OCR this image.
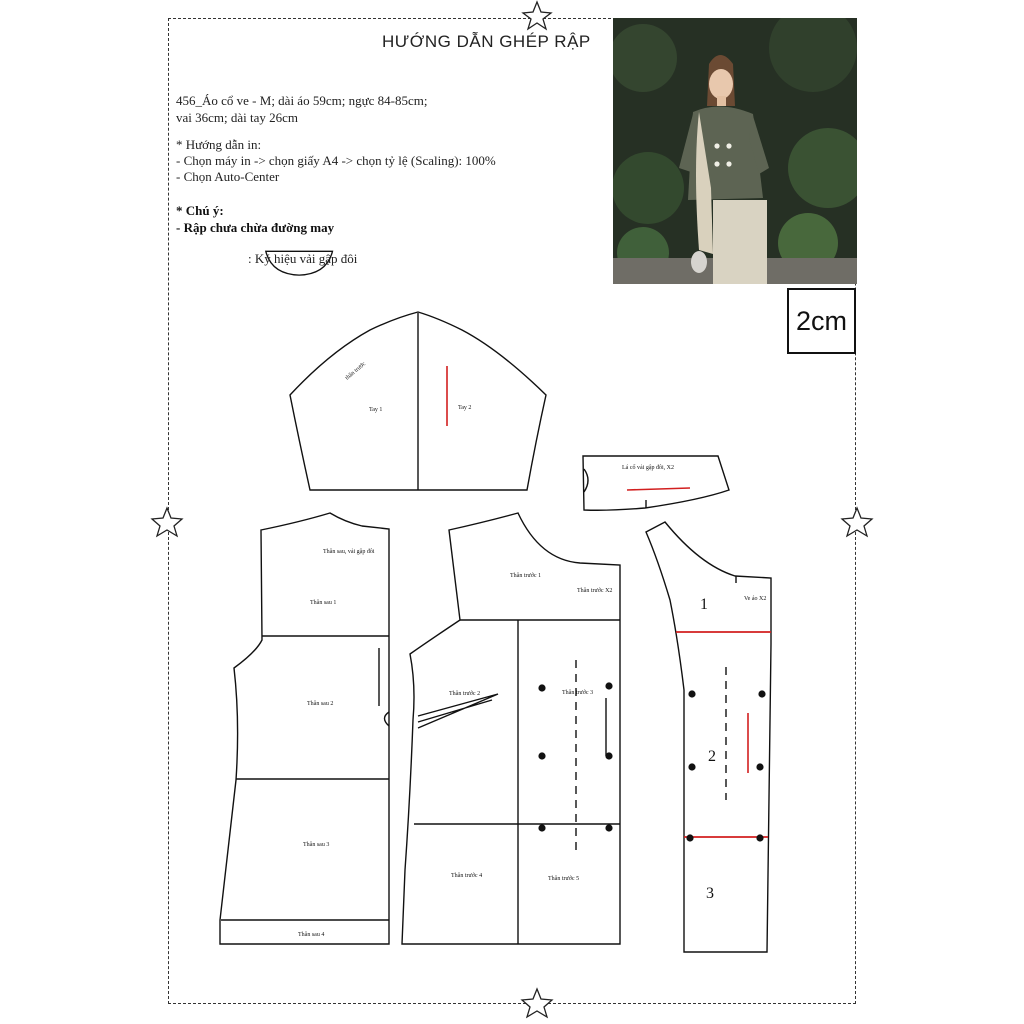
HƯỚNG DẪN GHÉP RẬP
456_Áo cổ ve - M; dài áo 59cm; ngực 84-85cm;
vai 36cm; dài tay 26cm
* Hướng dẫn in:
- Chọn máy in -> chọn giấy A4 -> chọn tỷ lệ (Scaling): 100%
- Chọn Auto-Center
* Chú ý:
- Rập chưa chừa đường may
: Ký hiệu vải gập đôi
2cm
Tay 1	Tay 2
thân trước
Lá cổ vải gập đôi, X2
Thân sau, vải gập đôi
Thân sau 1
Thân sau 2
Thân sau 3
Thân sau 4
Thân trước 1
Thân trước X2
Thân trước 2	Thân trước 3
Thân trước 4	Thân trước 5
Ve áo X2
1
2
3
